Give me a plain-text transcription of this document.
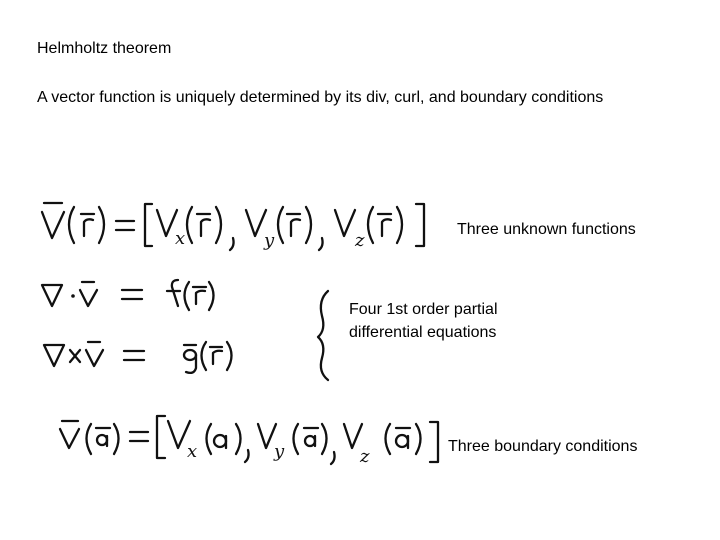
Helmholtz theorem
A vector function is uniquely determined by its div, curl, and boundary conditions
Three unknown functions
Four 1st order partial
differential equations
Three boundary conditions
x	y	z
x	y	z
